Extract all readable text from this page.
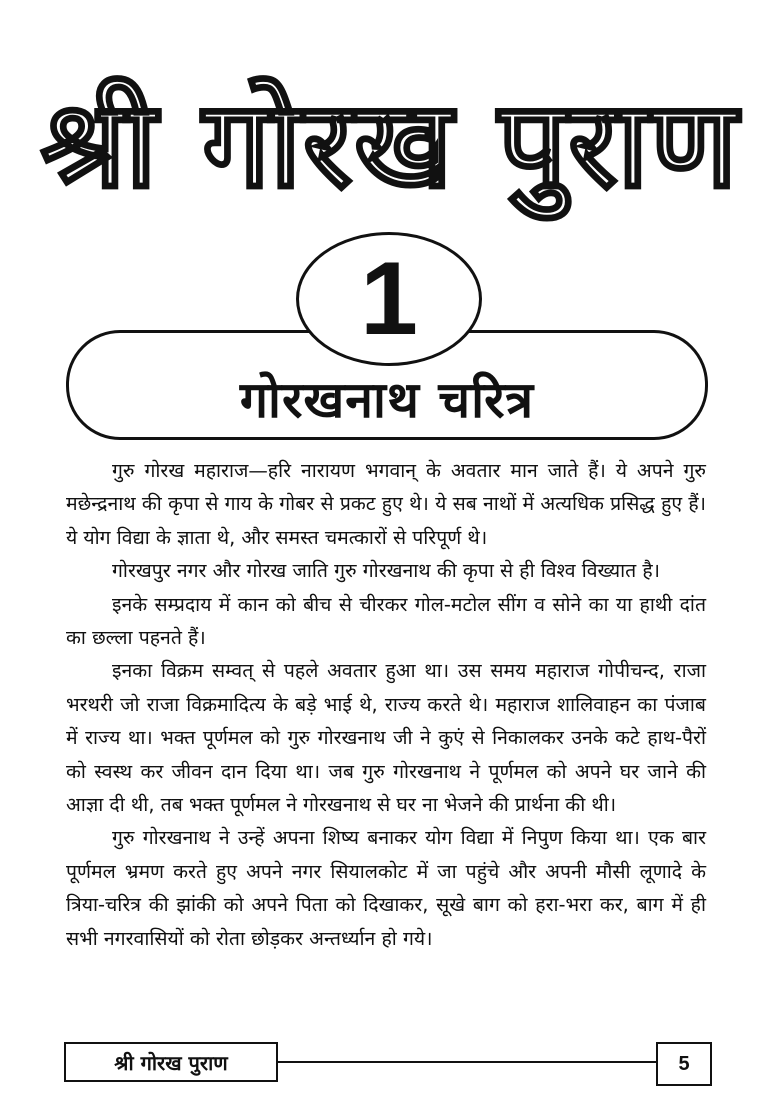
श्री गोरख पुराण
1
गोरखनाथ चरित्र

गुरु गोरख महाराज—हरि नारायण भगवान् के अवतार मान जाते हैं। ये अपने गुरु मछेन्द्रनाथ की कृपा से गाय के गोबर से प्रकट हुए थे। ये सब नाथों में अत्यधिक प्रसिद्ध हुए हैं। ये योग विद्या के ज्ञाता थे, और समस्त चमत्कारों से परिपूर्ण थे।

गोरखपुर नगर और गोरख जाति गुरु गोरखनाथ की कृपा से ही विश्व विख्यात है।

इनके सम्प्रदाय में कान को बीच से चीरकर गोल-मटोल सींग व सोने का या हाथी दांत का छल्ला पहनते हैं।

इनका विक्रम सम्वत् से पहले अवतार हुआ था। उस समय महाराज गोपीचन्द, राजा भरथरी जो राजा विक्रमादित्य के बड़े भाई थे, राज्य करते थे। महाराज शालिवाहन का पंजाब में राज्य था। भक्त पूर्णमल को गुरु गोरखनाथ जी ने कुएं से निकालकर उनके कटे हाथ-पैरों को स्वस्थ कर जीवन दान दिया था। जब गुरु गोरखनाथ ने पूर्णमल को अपने घर जाने की आज्ञा दी थी, तब भक्त पूर्णमल ने गोरखनाथ से घर ना भेजने की प्रार्थना की थी।

गुरु गोरखनाथ ने उन्हें अपना शिष्य बनाकर योग विद्या में निपुण किया था। एक बार पूर्णमल भ्रमण करते हुए अपने नगर सियालकोट में जा पहुंचे और अपनी मौसी लूणादे के त्रिया-चरित्र की झांकी को अपने पिता को दिखाकर, सूखे बाग को हरा-भरा कर, बाग में ही सभी नगरवासियों को रोता छोड़कर अन्तर्ध्यान हो गये।

श्री गोरख पुराण	5
